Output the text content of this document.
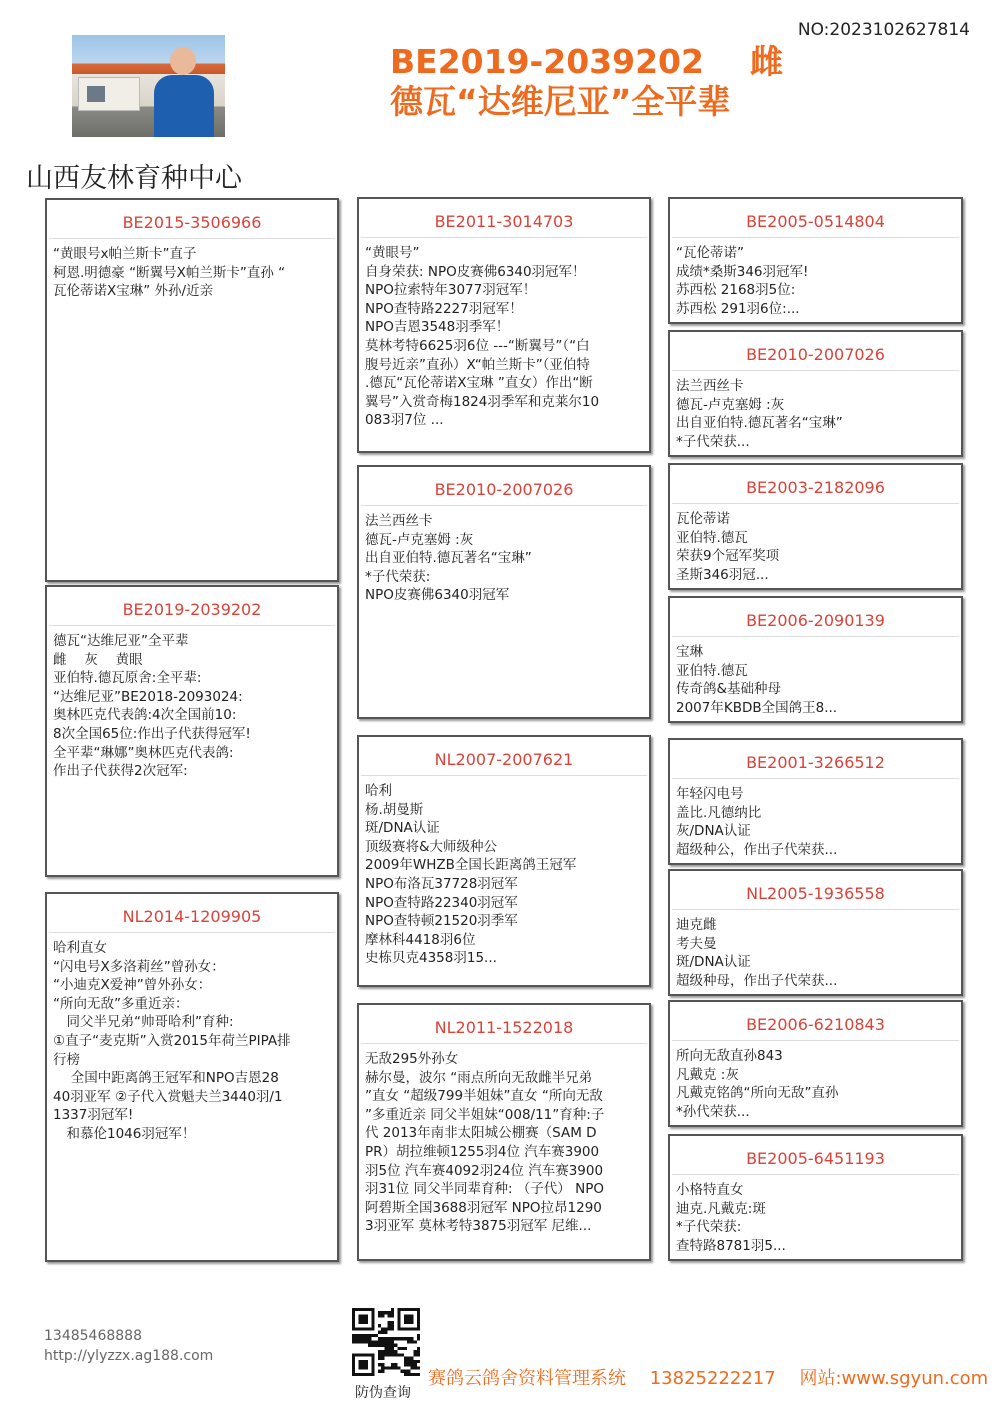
NO:2023102627814
BE2019-2039202 雌
德瓦“达维尼亚”全平辈
山西友林育种中心
BE2015-3506966
“黄眼号x帕兰斯卡”直子
柯恩.明德豪 “断翼号X帕兰斯卡”直孙 “
瓦伦蒂诺X宝琳” 外孙/近亲
BE2019-2039202
德瓦“达维尼亚”全平辈
雌　 灰　 黄眼
亚伯特.德瓦原舍:全平辈:
“达维尼亚”BE2018-2093024:
奥林匹克代表鸽:4次全国前10:
8次全国65位:作出子代获得冠军!
全平辈“琳娜”奥林匹克代表鸽:
作出子代获得2次冠军:
NL2014-1209905
哈利直女
“闪电号X多洛莉丝”曾孙女：
“小迪克X爱神”曾外孙女：
“所向无敌”多重近亲：
　同父半兄弟“帅哥哈利”育种:
①直子“麦克斯”入赏2015年荷兰PIPA排
行榜
　 全国中距离鸽王冠军和NPO吉恩28
40羽亚军 ②子代入赏魁夫兰3440羽/1
1337羽冠军!
　和慕伦1046羽冠军！
BE2011-3014703
“黄眼号”
自身荣获: NPO皮赛佛6340羽冠军！
NPO拉索特年3077羽冠军！
NPO查特路2227羽冠军！
NPO吉恩3548羽季军！
莫林考特6625羽6位 ---“断翼号”（“白
腹号近亲”直孙）X“帕兰斯卡”（亚伯特
.德瓦“瓦伦蒂诺X宝琳 ”直女）作出“断
翼号”入赏奇梅1824羽季军和克莱尔10
083羽7位 ...
BE2010-2007026
法兰西丝卡
德瓦-卢克塞姆 :灰
出自亚伯特.德瓦著名“宝琳”
*子代荣获:
NPO皮赛佛6340羽冠军
NL2007-2007621
哈利
杨.胡曼斯
斑/DNA认证
顶级赛将&大师级种公
2009年WHZB全国长距离鸽王冠军
NPO布洛瓦37728羽冠军
NPO查特路22340羽冠军
NPO查特顿21520羽季军
摩林科4418羽6位
史栋贝克4358羽15...
NL2011-1522018
无敌295外孙女
赫尔曼，波尔 “雨点所向无敌雌半兄弟
”直女 “超级799半姐妹”直女 “所向无敌
”多重近亲 同父半姐妹“008/11”育种:子
代 2013年南非太阳城公棚赛（SAM D
PR）胡拉维顿1255羽4位 汽车赛3900
羽5位 汽车赛4092羽24位 汽车赛3900
羽31位 同父半同辈育种: （子代） NPO
阿碧斯全国3688羽冠军 NPO拉昂1290
3羽亚军 莫林考特3875羽冠军 尼维...
BE2005-0514804
“瓦伦蒂诺”
成绩*桑斯346羽冠军!
苏西松 2168羽5位:
苏西松 291羽6位:...
BE2010-2007026
法兰西丝卡
德瓦-卢克塞姆 :灰
出自亚伯特.德瓦著名“宝琳”
*子代荣获...
BE2003-2182096
瓦伦蒂诺
亚伯特.德瓦
荣获9个冠军奖项
圣斯346羽冠...
BE2006-2090139
宝琳
亚伯特.德瓦
传奇鸽&基础种母
2007年KBDB全国鸽王8...
BE2001-3266512
年轻闪电号
盖比.凡德纳比
灰/DNA认证
超级种公，作出子代荣获...
NL2005-1936558
迪克雌
考夫曼
斑/DNA认证
超级种母，作出子代荣获...
BE2006-6210843
所向无敌直孙843
凡戴克 :灰
凡戴克铭鸽“所向无敌”直孙
*孙代荣获...
BE2005-6451193
小格特直女
迪克.凡戴克:斑
*子代荣获:
查特路8781羽5...
13485468888
http://ylyzzx.ag188.com
防伪查询
赛鸽云鸽舍资料管理系统 13825222217 网站:www.sgyun.com
